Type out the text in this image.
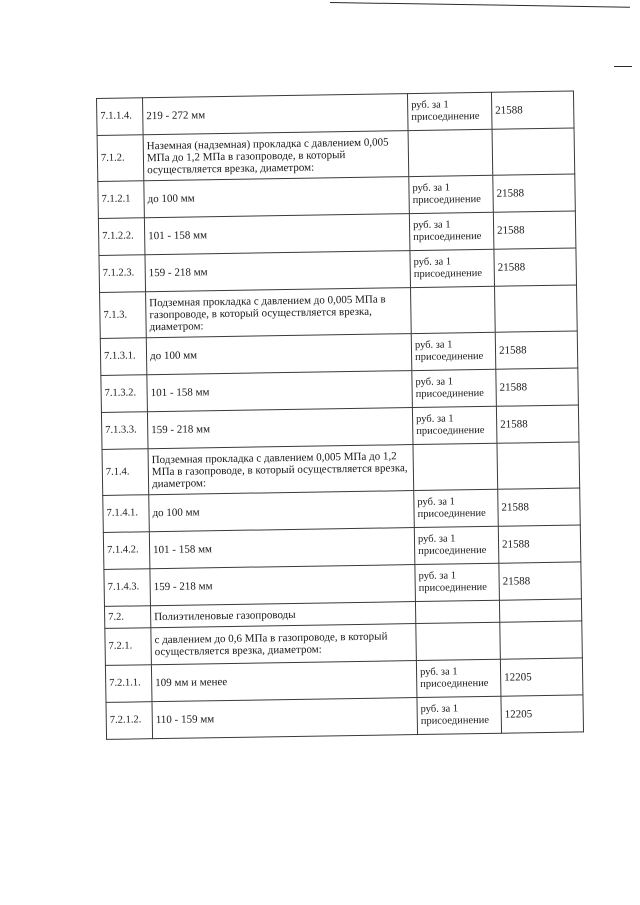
7.1.1.4.	219 - 272 мм	руб. за 1 присоединение	21588
7.1.2.	Наземная (надземная) прокладка с давлением 0,005 МПа до 1,2 МПа в газопроводе, в который осуществляется врезка, диаметром:		
7.1.2.1	до 100 мм	руб. за 1 присоединение	21588
7.1.2.2.	101 - 158 мм	руб. за 1 присоединение	21588
7.1.2.3.	159 - 218 мм	руб. за 1 присоединение	21588
7.1.3.	Подземная прокладка с давлением до 0,005 МПа в газопроводе, в который осуществляется врезка, диаметром:		
7.1.3.1.	до 100 мм	руб. за 1 присоединение	21588
7.1.3.2.	101 - 158 мм	руб. за 1 присоединение	21588
7.1.3.3.	159 - 218 мм	руб. за 1 присоединение	21588
7.1.4.	Подземная прокладка с давлением 0,005 МПа до 1,2 МПа в газопроводе, в который осуществляется врезка, диаметром:		
7.1.4.1.	до 100 мм	руб. за 1 присоединение	21588
7.1.4.2.	101 - 158 мм	руб. за 1 присоединение	21588
7.1.4.3.	159 - 218 мм	руб. за 1 присоединение	21588
7.2.	Полиэтиленовые газопроводы		
7.2.1.	с давлением до 0,6 МПа в газопроводе, в который осуществляется врезка, диаметром:		
7.2.1.1.	109 мм и менее	руб. за 1 присоединение	12205
7.2.1.2.	110 - 159 мм	руб. за 1 присоединение	12205
